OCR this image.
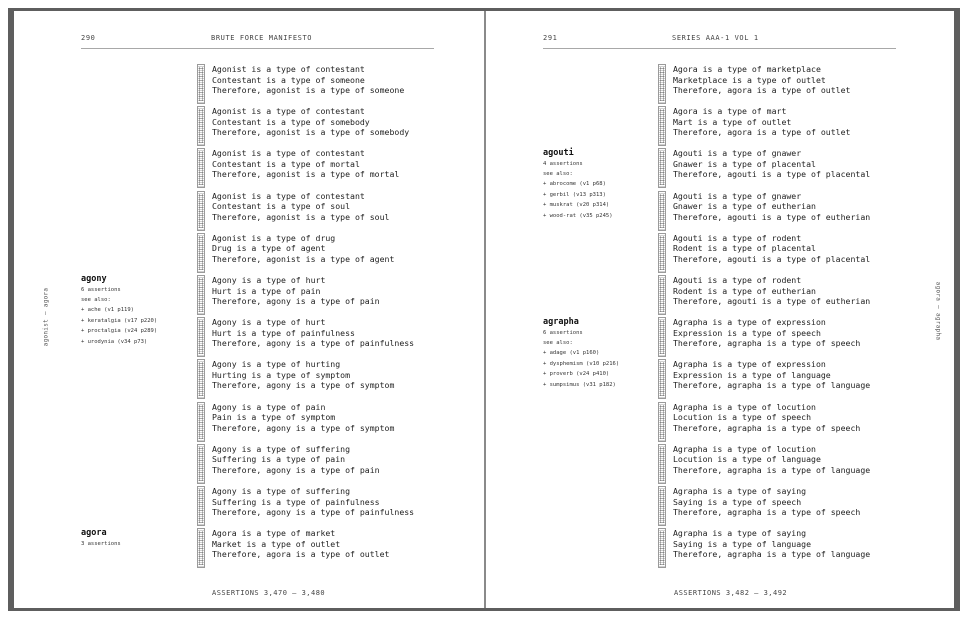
290	BRUTE FORCE MANIFESTO
agonist – agora
agony
6 assertions
see also:
+ ache (v1 p119)
+ keratalgia (v17 p220)
+ proctalgia (v24 p289)
+ urodynia (v34 p73)
agora
3 assertions
Agonist is a type of contestant
Contestant is a type of someone
Therefore, agonist is a type of someone
Agonist is a type of contestant
Contestant is a type of somebody
Therefore, agonist is a type of somebody
Agonist is a type of contestant
Contestant is a type of mortal
Therefore, agonist is a type of mortal
Agonist is a type of contestant
Contestant is a type of soul
Therefore, agonist is a type of soul
Agonist is a type of drug
Drug is a type of agent
Therefore, agonist is a type of agent
Agony is a type of hurt
Hurt is a type of pain
Therefore, agony is a type of pain
Agony is a type of hurt
Hurt is a type of painfulness
Therefore, agony is a type of painfulness
Agony is a type of hurting
Hurting is a type of symptom
Therefore, agony is a type of symptom
Agony is a type of pain
Pain is a type of symptom
Therefore, agony is a type of symptom
Agony is a type of suffering
Suffering is a type of pain
Therefore, agony is a type of pain
Agony is a type of suffering
Suffering is a type of painfulness
Therefore, agony is a type of painfulness
Agora is a type of market
Market is a type of outlet
Therefore, agora is a type of outlet
ASSERTIONS 3,470 – 3,480
291	SERIES AAA-1 VOL 1
agora – agrapha
agouti
4 assertions
see also:
+ abrocome (v1 p68)
+ gerbil (v13 p313)
+ muskrat (v20 p314)
+ wood-rat (v35 p245)
agrapha
6 assertions
see also:
+ adage (v1 p160)
+ dysphemism (v10 p216)
+ proverb (v24 p410)
+ sumpsimus (v31 p182)
Agora is a type of marketplace
Marketplace is a type of outlet
Therefore, agora is a type of outlet
Agora is a type of mart
Mart is a type of outlet
Therefore, agora is a type of outlet
Agouti is a type of gnawer
Gnawer is a type of placental
Therefore, agouti is a type of placental
Agouti is a type of gnawer
Gnawer is a type of eutherian
Therefore, agouti is a type of eutherian
Agouti is a type of rodent
Rodent is a type of placental
Therefore, agouti is a type of placental
Agouti is a type of rodent
Rodent is a type of eutherian
Therefore, agouti is a type of eutherian
Agrapha is a type of expression
Expression is a type of speech
Therefore, agrapha is a type of speech
Agrapha is a type of expression
Expression is a type of language
Therefore, agrapha is a type of language
Agrapha is a type of locution
Locution is a type of speech
Therefore, agrapha is a type of speech
Agrapha is a type of locution
Locution is a type of language
Therefore, agrapha is a type of language
Agrapha is a type of saying
Saying is a type of speech
Therefore, agrapha is a type of speech
Agrapha is a type of saying
Saying is a type of language
Therefore, agrapha is a type of language
ASSERTIONS 3,482 – 3,492
